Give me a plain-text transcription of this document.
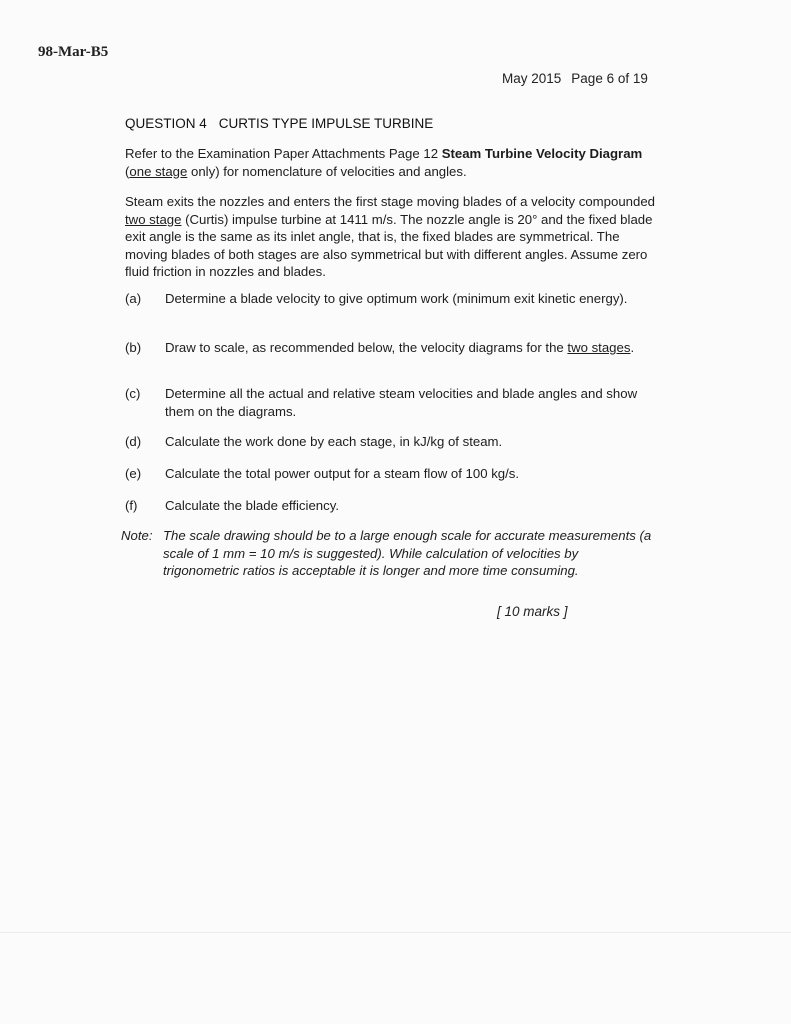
98-Mar-B5
May 2015 Page 6 of 19
QUESTION 4 CURTIS TYPE IMPULSE TURBINE
Refer to the Examination Paper Attachments Page 12 Steam Turbine Velocity Diagram (one stage only) for nomenclature of velocities and angles.
Steam exits the nozzles and enters the first stage moving blades of a velocity compounded two stage (Curtis) impulse turbine at 1411 m/s. The nozzle angle is 20° and the fixed blade exit angle is the same as its inlet angle, that is, the fixed blades are symmetrical. The moving blades of both stages are also symmetrical but with different angles. Assume zero fluid friction in nozzles and blades.
(a)	Determine a blade velocity to give optimum work (minimum exit kinetic energy).
(b)	Draw to scale, as recommended below, the velocity diagrams for the two stages.
(c)	Determine all the actual and relative steam velocities and blade angles and show them on the diagrams.
(d)	Calculate the work done by each stage, in kJ/kg of steam.
(e)	Calculate the total power output for a steam flow of 100 kg/s.
(f)	Calculate the blade efficiency.
Note: The scale drawing should be to a large enough scale for accurate measurements (a scale of 1 mm = 10 m/s is suggested). While calculation of velocities by trigonometric ratios is acceptable it is longer and more time consuming.
[ 10 marks ]
